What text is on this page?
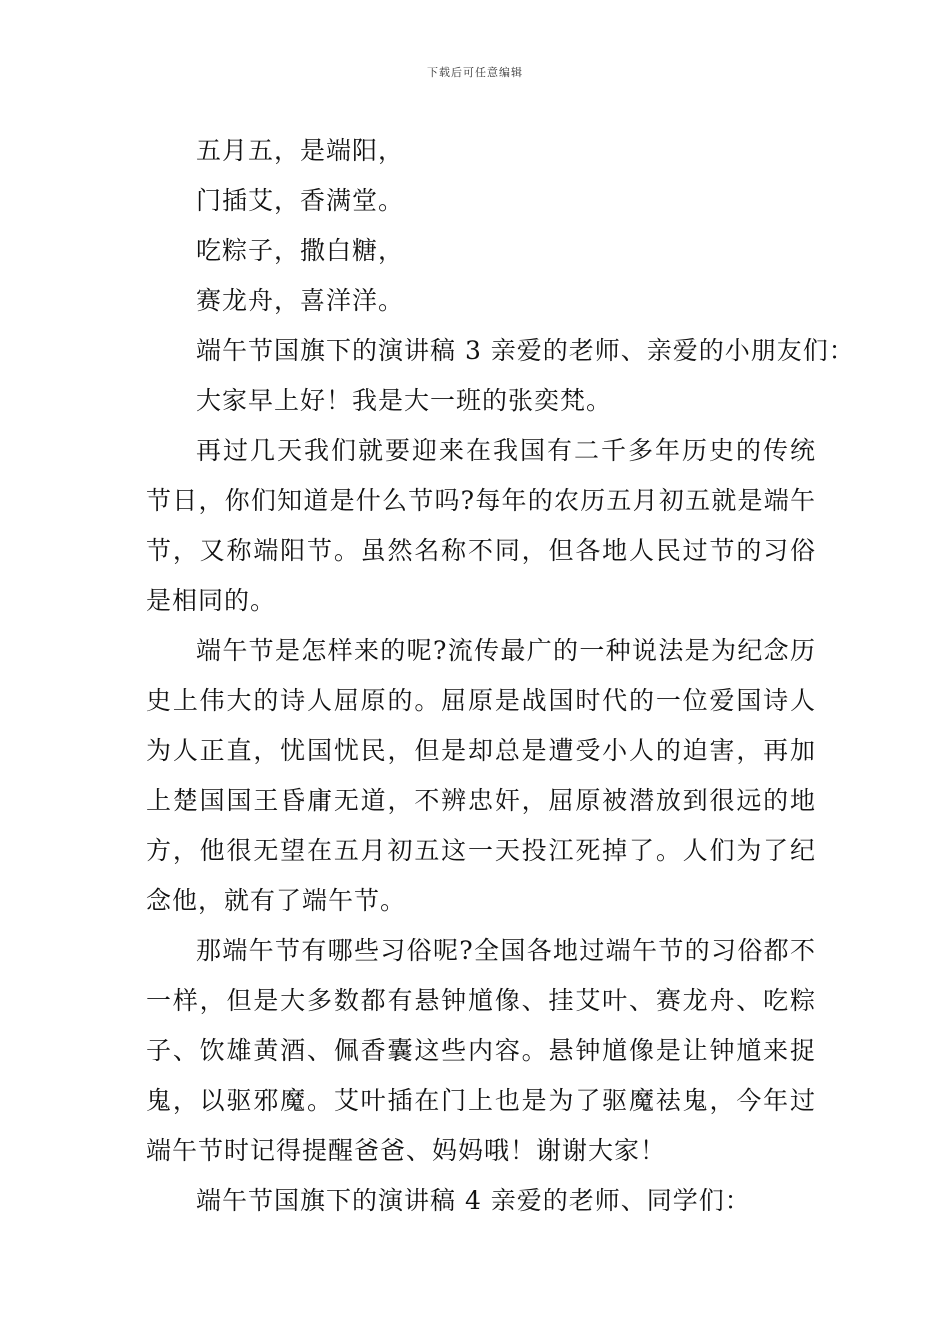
下载后可任意编辑
五月五，是端阳，
门插艾，香满堂。
吃粽子，撒白糖，
赛龙舟，喜洋洋。
端午节国旗下的演讲稿 3 亲爱的老师、亲爱的小朋友们：
大家早上好！我是大一班的张奕梵。
再过几天我们就要迎来在我国有二千多年历史的传统节日，你们知道是什么节吗?每年的农历五月初五就是端午节，又称端阳节。虽然名称不同，但各地人民过节的习俗是相同的。
端午节是怎样来的呢?流传最广的一种说法是为纪念历史上伟大的诗人屈原的。屈原是战国时代的一位爱国诗人为人正直，忧国忧民，但是却总是遭受小人的迫害，再加上楚国国王昏庸无道，不辨忠奸，屈原被潜放到很远的地方，他很无望在五月初五这一天投江死掉了。人们为了纪念他，就有了端午节。
那端午节有哪些习俗呢?全国各地过端午节的习俗都不一样，但是大多数都有悬钟馗像、挂艾叶、赛龙舟、吃粽子、饮雄黄酒、佩香囊这些内容。悬钟馗像是让钟馗来捉鬼，以驱邪魔。艾叶插在门上也是为了驱魔祛鬼，今年过端午节时记得提醒爸爸、妈妈哦！谢谢大家！
端午节国旗下的演讲稿 4 亲爱的老师、同学们：
